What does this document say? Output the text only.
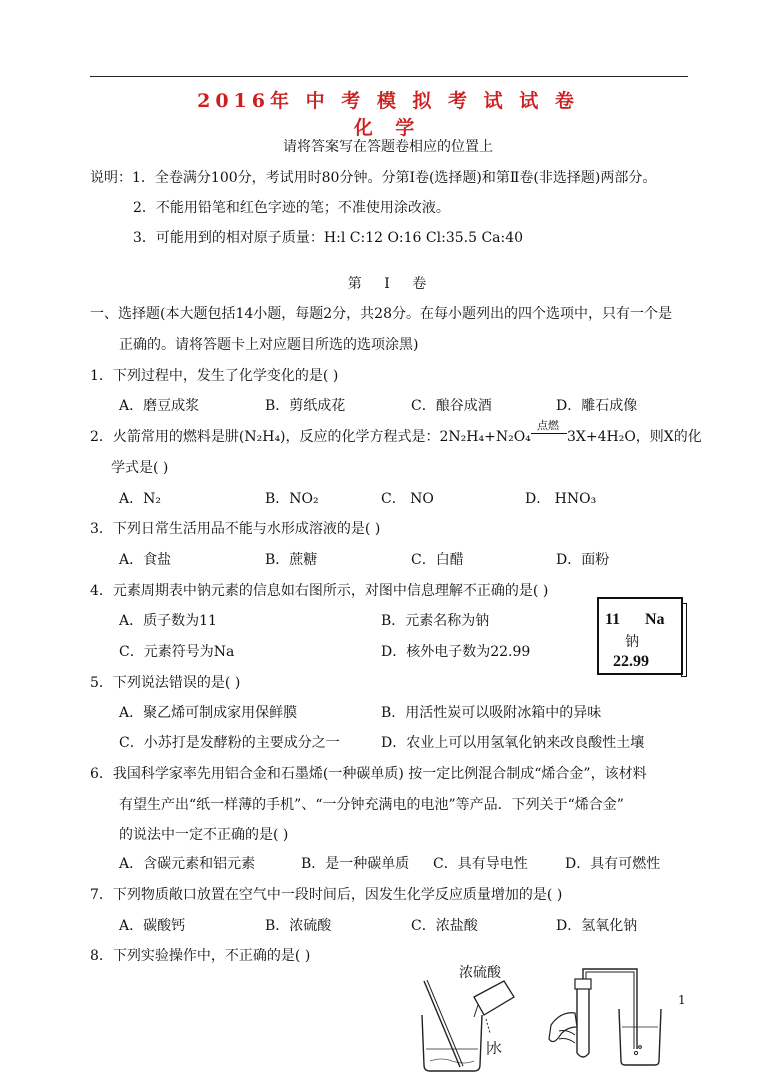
2016年 中 考 模 拟 考 试 试 卷
化 学
请将答案写在答题卷相应的位置上
说明：1．全卷满分100分，考试用时80分钟。分第Ⅰ卷(选择题)和第Ⅱ卷(非选择题)两部分。
2．不能用铅笔和红色字迹的笔；不准使用涂改液。
3．可能用到的相对原子质量：H:l C:12 O:16 Cl:35.5 Ca:40
第 Ⅰ 卷
一、选择题(本大题包括14小题，每题2分，共28分。在每小题列出的四个选项中，只有一个是
正确的。请将答题卡上对应题目所选的选项涂黑)
1．下列过程中，发生了化学变化的是( )
A．磨豆成浆	B．剪纸成花	C．酿谷成酒	D．雕石成像
2．火箭常用的燃料是肼(N₂H₄)，反应的化学方程式是：2N₂H₄+N₂O₄
点燃
3X+4H₂O，则X的化
学式是( )
A．N₂	B．NO₂	C． NO	D． HNO₃
3．下列日常生活用品不能与水形成溶液的是( )
A．食盐	B．蔗糖	C．白醋	D．面粉
4．元素周期表中钠元素的信息如右图所示，对图中信息理解不正确的是( )
A．质子数为11	B．元素名称为钠
C．元素符号为Na	D．核外电子数为22.99
11 Na
钠
22.99
5．下列说法错误的是( )
A．聚乙烯可制成家用保鲜膜	B．用活性炭可以吸附冰箱中的异味
C．小苏打是发酵粉的主要成分之一	D．农业上可以用氢氧化钠来改良酸性土壤
6．我国科学家率先用铝合金和石墨烯(一种碳单质) 按一定比例混合制成“烯合金”，该材料
有望生产出“纸一样薄的手机”、“一分钟充满电的电池”等产品．下列关于“烯合金”
的说法中一定不正确的是( )
A．含碳元素和铝元素	B．是一种碳单质 C．具有导电性	D．具有可燃性
7．下列物质敞口放置在空气中一段时间后，因发生化学反应质量增加的是( )
A．碳酸钙	B．浓硫酸	C．浓盐酸	D．氢氧化钠
8．下列实验操作中，不正确的是( )
浓硫酸
水
1
